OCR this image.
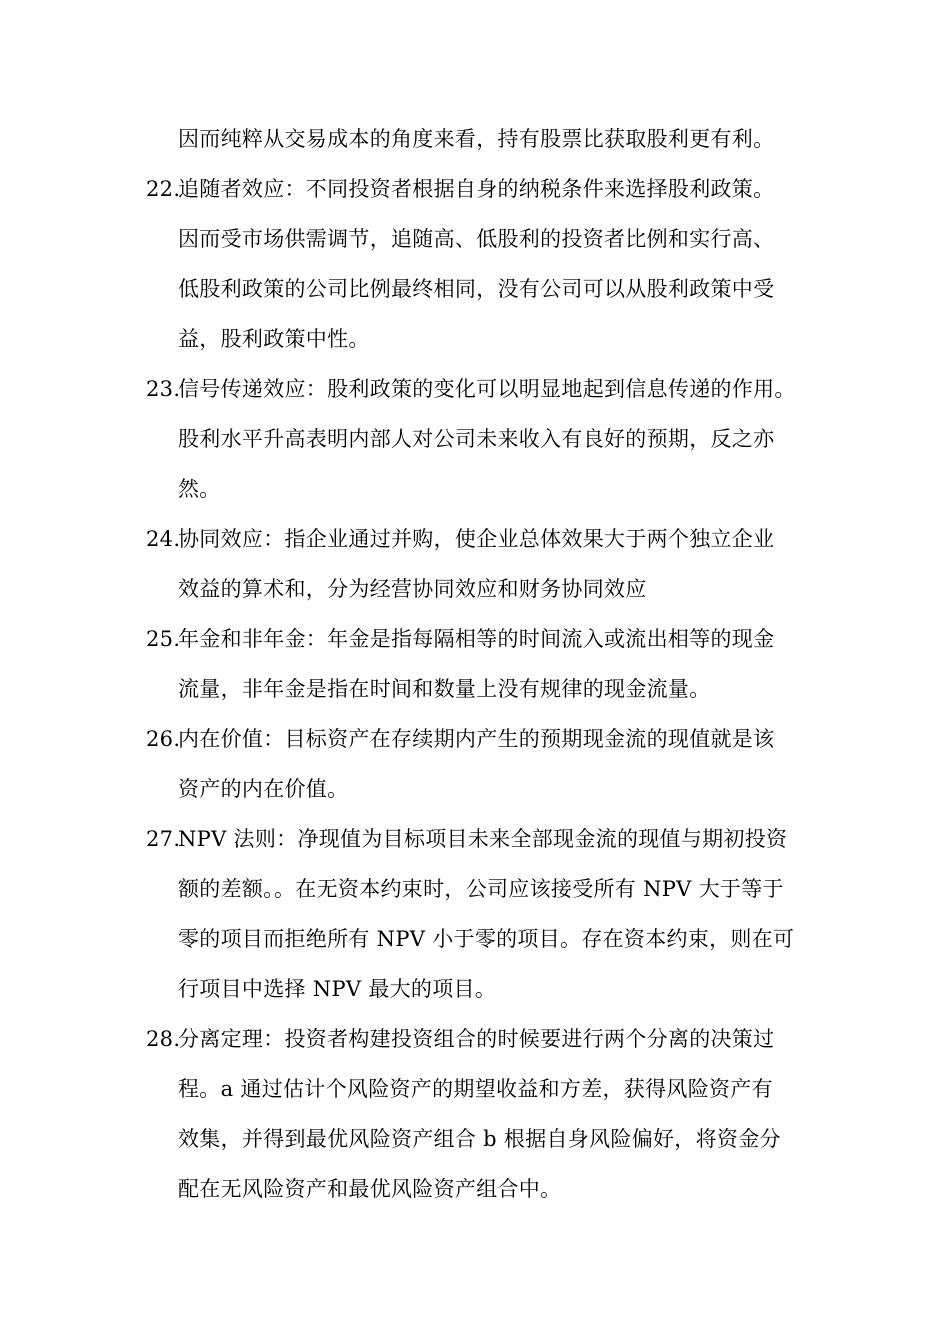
因而纯粹从交易成本的角度来看，持有股票比获取股利更有利。
22.
追随者效应：不同投资者根据自身的纳税条件来选择股利政策。
因而受市场供需调节，追随高、低股利的投资者比例和实行高、
低股利政策的公司比例最终相同，没有公司可以从股利政策中受
益，股利政策中性。
23.
信号传递效应：股利政策的变化可以明显地起到信息传递的作用。
股利水平升高表明内部人对公司未来收入有良好的预期，反之亦
然。
24.
协同效应：指企业通过并购，使企业总体效果大于两个独立企业
效益的算术和，分为经营协同效应和财务协同效应
25.
年金和非年金：年金是指每隔相等的时间流入或流出相等的现金
流量，非年金是指在时间和数量上没有规律的现金流量。
26.
内在价值：目标资产在存续期内产生的预期现金流的现值就是该
资产的内在价值。
27.
NPV 法则：净现值为目标项目未来全部现金流的现值与期初投资
额的差额。。在无资本约束时，公司应该接受所有 NPV 大于等于
零的项目而拒绝所有 NPV 小于零的项目。存在资本约束，则在可
行项目中选择 NPV 最大的项目。
28.
分离定理：投资者构建投资组合的时候要进行两个分离的决策过
程。a 通过估计个风险资产的期望收益和方差，获得风险资产有
效集，并得到最优风险资产组合 b 根据自身风险偏好，将资金分
配在无风险资产和最优风险资产组合中。
